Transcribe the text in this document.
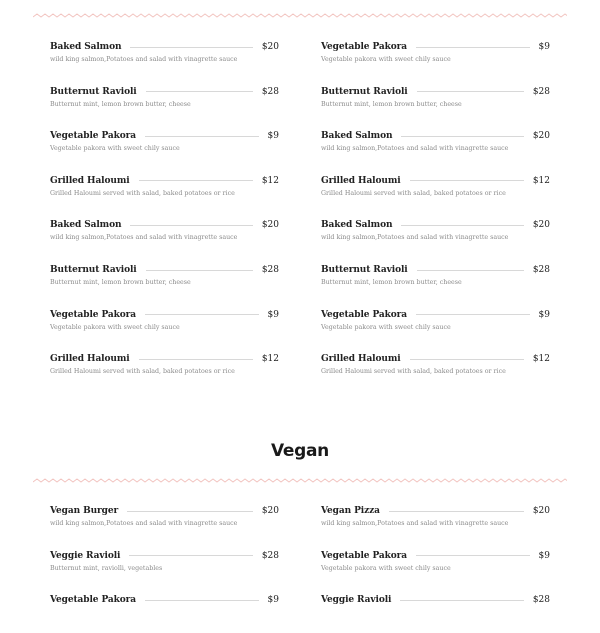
Baked Salmon	$20
wild king salmon,Potatoes and salad with vinagrette sauce
Butternut Ravioli	$28
Butternut mint, lemon brown butter, cheese
Vegetable Pakora	$9
Vegetable pakora with sweet chily sauce
Grilled Haloumi	$12
Grilled Haloumi served with salad, baked potatoes or rice
Baked Salmon	$20
wild king salmon,Potatoes and salad with vinagrette sauce
Butternut Ravioli	$28
Butternut mint, lemon brown butter, cheese
Vegetable Pakora	$9
Vegetable pakora with sweet chily sauce
Grilled Haloumi	$12
Grilled Haloumi served with salad, baked potatoes or rice
Vegetable Pakora	$9
Vegetable pakora with sweet chily sauce
Butternut Ravioli	$28
Butternut mint, lemon brown butter, cheese
Baked Salmon	$20
wild king salmon,Potatoes and salad with vinagrette sauce
Grilled Haloumi	$12
Grilled Haloumi served with salad, baked potatoes or rice
Baked Salmon	$20
wild king salmon,Potatoes and salad with vinagrette sauce
Butternut Ravioli	$28
Butternut mint, lemon brown butter, cheese
Vegetable Pakora	$9
Vegetable pakora with sweet chily sauce
Grilled Haloumi	$12
Grilled Haloumi served with salad, baked potatoes or rice
Vegan
Vegan Burger	$20
wild king salmon,Potatoes and salad with vinagrette sauce
Veggie Ravioli	$28
Butternut mint, raviolli, vegetables
Vegetable Pakora	$9
Vegan Pizza	$20
wild king salmon,Potatoes and salad with vinagrette sauce
Vegetable Pakora	$9
Vegetable pakora with sweet chily sauce
Veggie Ravioli	$28
